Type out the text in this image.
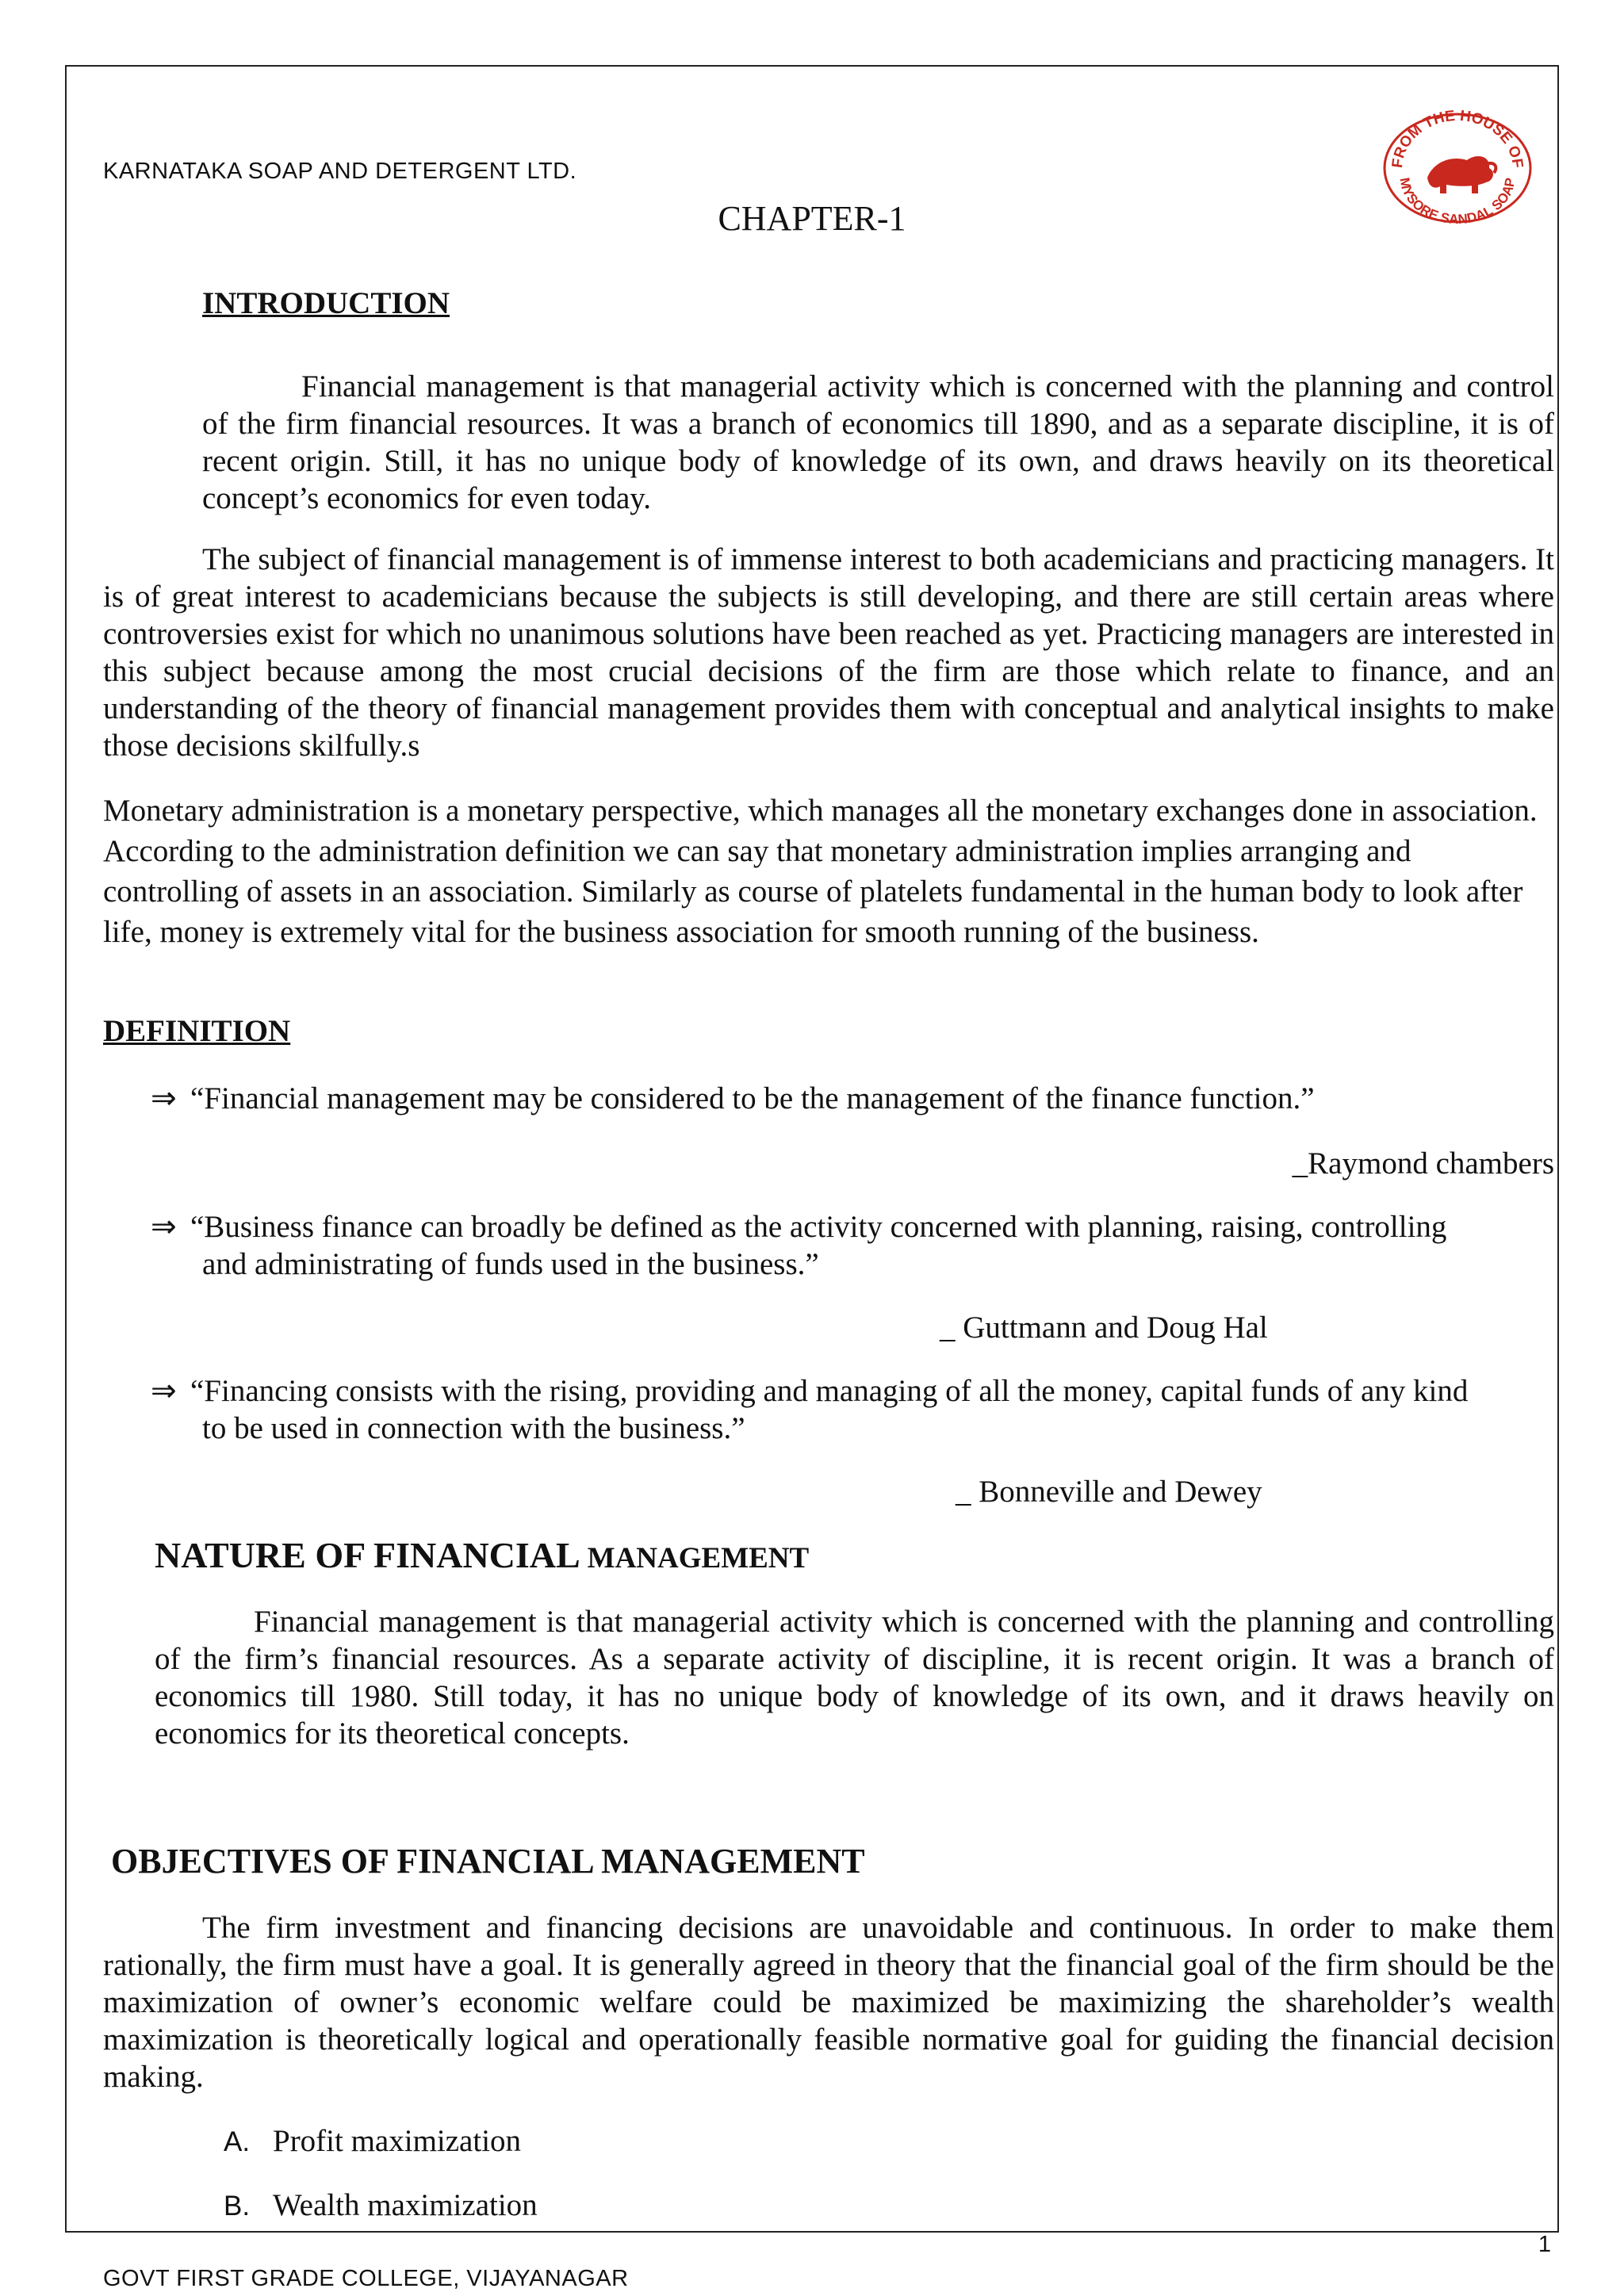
KARNATAKA SOAP AND DETERGENT LTD.	FROM THE HOUSE OF
MYSORE SANDAL SOAP
CHAPTER-1
INTRODUCTION
Financial management is that managerial activity which is concerned with the planning and control of the firm financial resources. It was a branch of economics till 1890, and as a separate discipline, it is of recent origin. Still, it has no unique body of knowledge of its own, and draws heavily on its theoretical concept’s economics for even today.
The subject of financial management is of immense interest to both academicians and practicing managers. It is of great interest to academicians because the subjects is still developing, and there are still certain areas where controversies exist for which no unanimous solutions have been reached as yet. Practicing managers are interested in this subject because among the most crucial decisions of the firm are those which relate to finance, and an understanding of the theory of financial management provides them with conceptual and analytical insights to make those decisions skilfully.s
Monetary administration is a monetary perspective, which manages all the monetary exchanges done in association. According to the administration definition we can say that monetary administration implies arranging and controlling of assets in an association. Similarly as course of platelets fundamental in the human body to look after life, money is extremely vital for the business association for smooth running of the business.
DEFINITION
⇒ “Financial management may be considered to be the management of the finance function.”
_Raymond chambers
⇒ “Business finance can broadly be defined as the activity concerned with planning, raising, controlling
and administrating of funds used in the business.”
_ Guttmann and Doug Hal
⇒ “Financing consists with the rising, providing and managing of all the money, capital funds of any kind
to be used in connection with the business.”
_ Bonneville and Dewey
NATURE OF FINANCIAL MANAGEMENT
Financial management is that managerial activity which is concerned with the planning and controlling of the firm’s financial resources. As a separate activity of discipline, it is recent origin. It was a branch of economics till 1980. Still today, it has no unique body of knowledge of its own, and it draws heavily on economics for its theoretical concepts.
OBJECTIVES OF FINANCIAL MANAGEMENT
The firm investment and financing decisions are unavoidable and continuous. In order to make them rationally, the firm must have a goal. It is generally agreed in theory that the financial goal of the firm should be the maximization of owner’s economic welfare could be maximized be maximizing the shareholder’s wealth maximization is theoretically logical and operationally feasible normative goal for guiding the financial decision making.
A. Profit maximization
B. Wealth maximization
1
GOVT FIRST GRADE COLLEGE, VIJAYANAGAR
